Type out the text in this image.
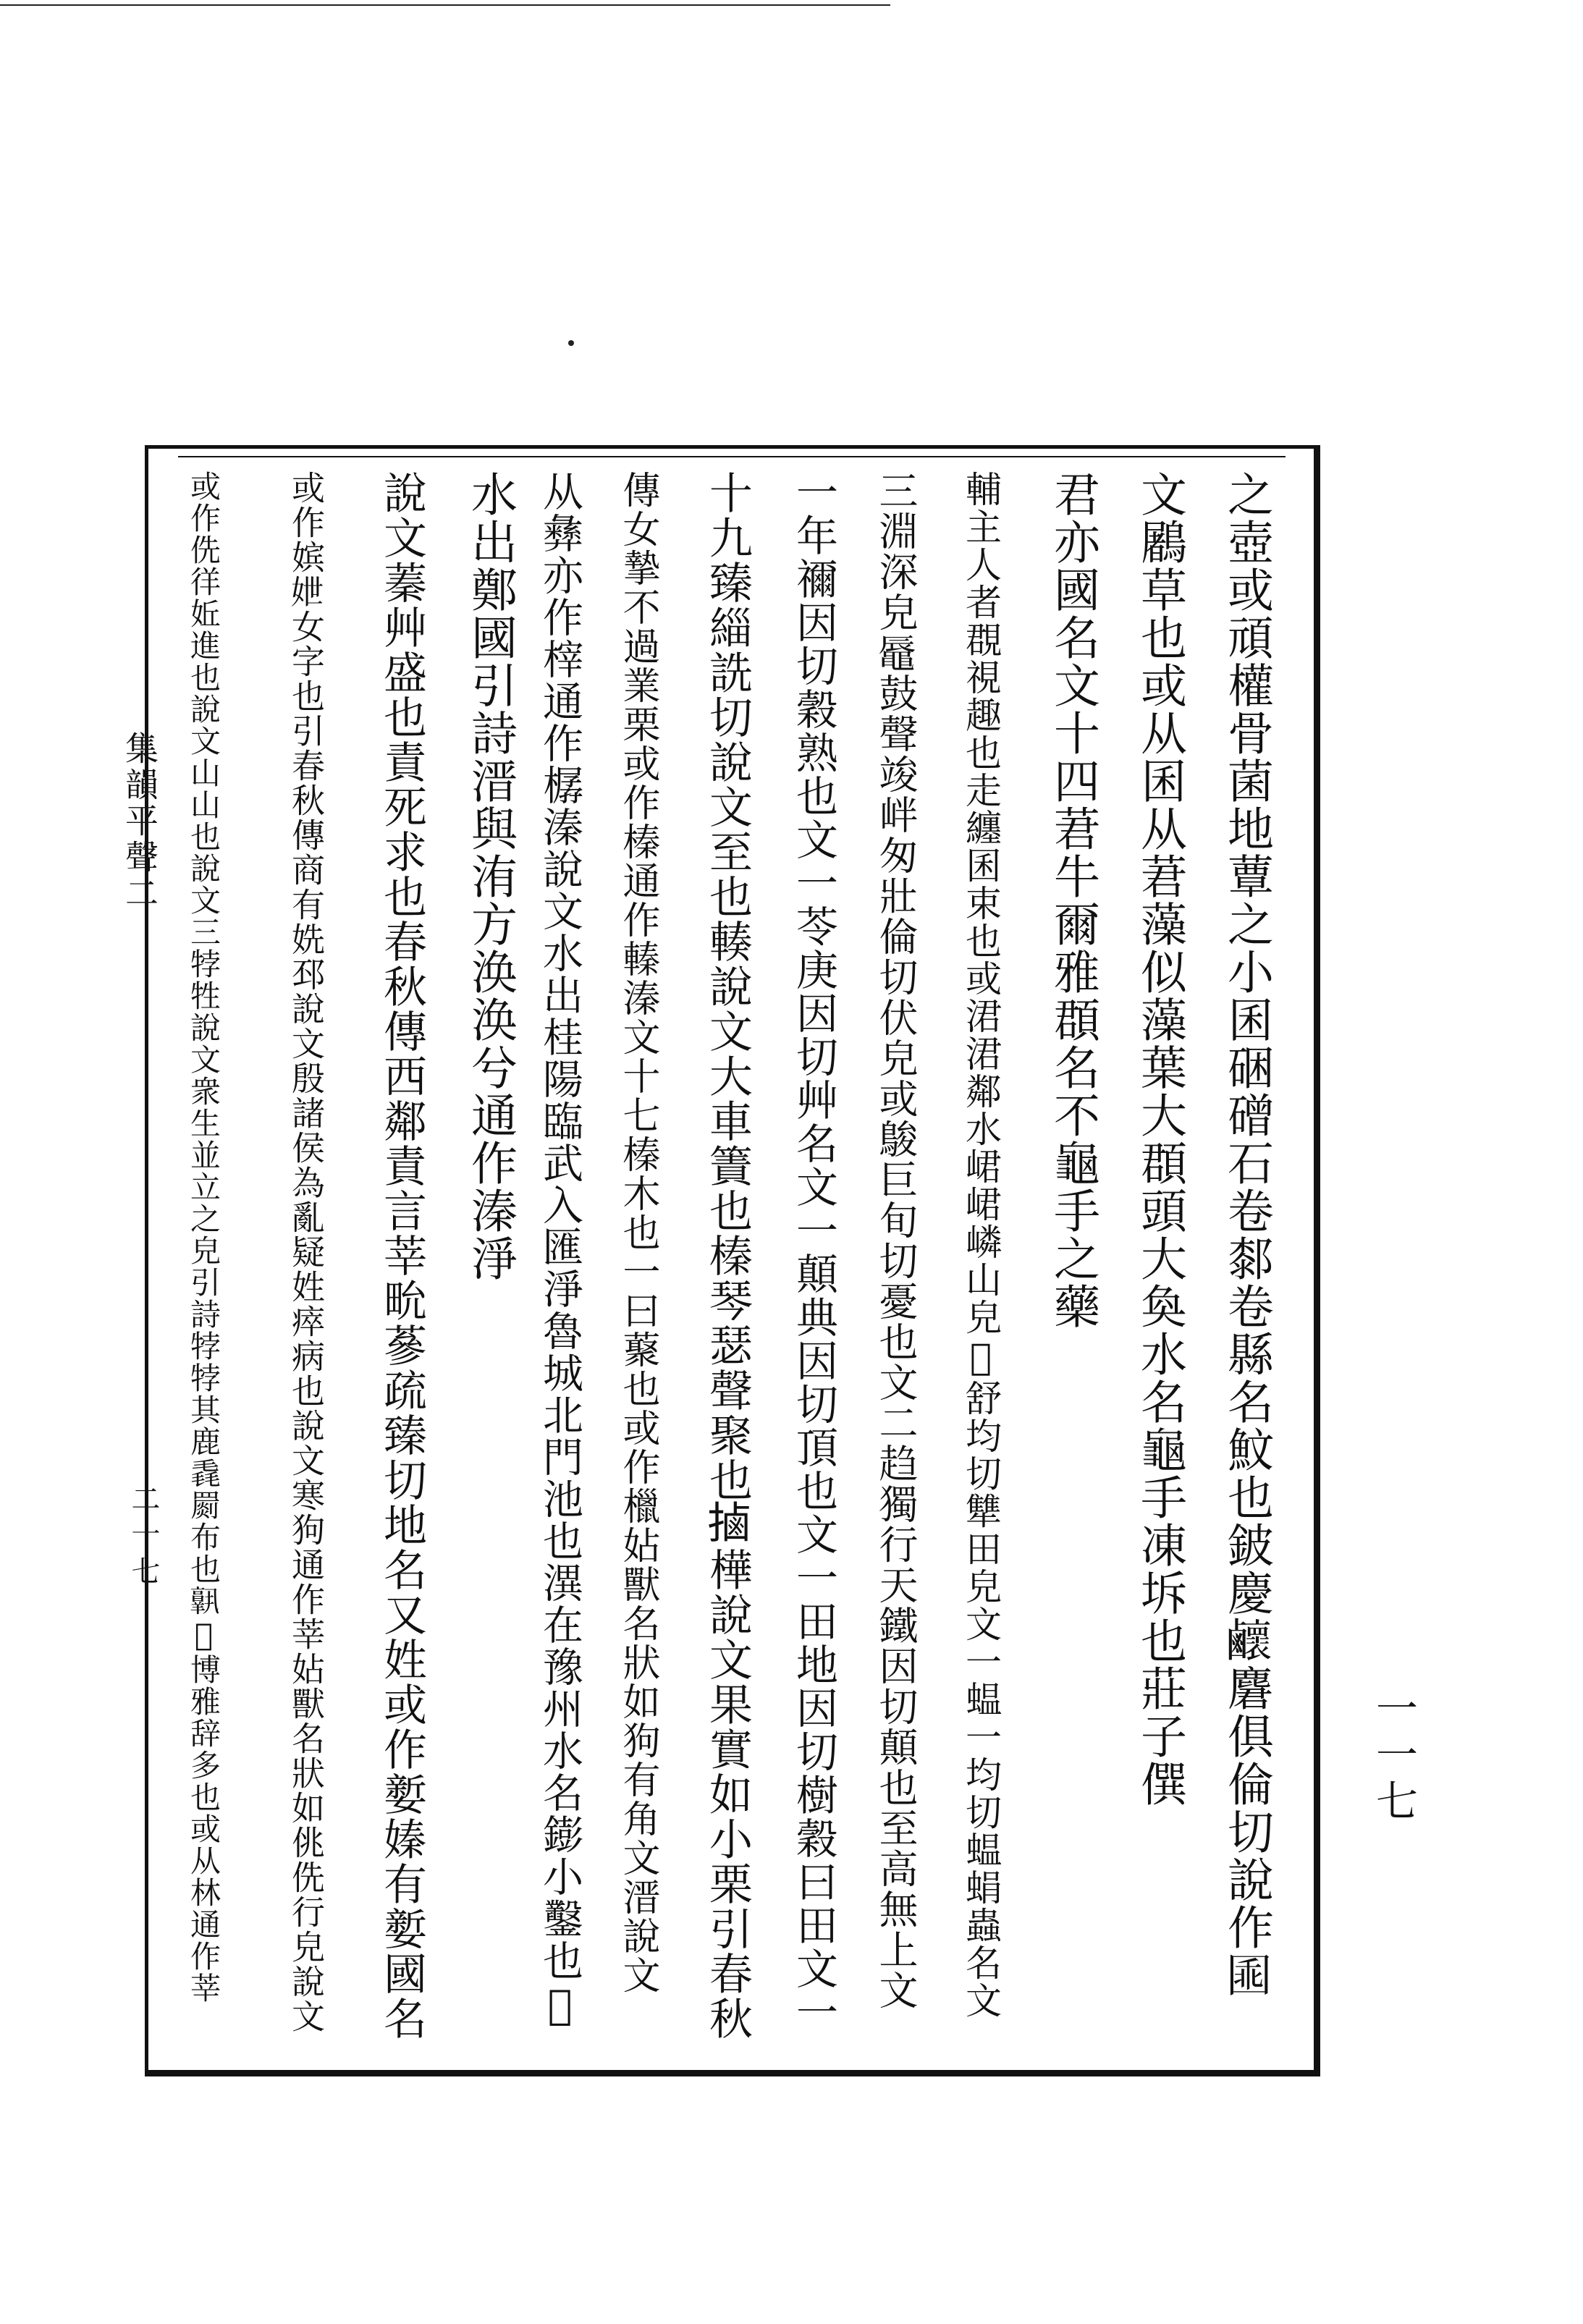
一一七
集韻平聲二
二十七	之壺或頑權骨菌地蕈之小囷硱磳石卷䣛卷縣名魰也鈹慶𪊉麏俱倫切說作𡇸
文鷵草也或从囷从莙藻似藻葉大頵頭大奐水名龜手凍坼也莊子僎
君亦國名文十四莙牛爾雅頵名不龜手之藥
輔主人者覠視趣也走纏囷束也或涒涒鄰水峮峮嶙山皃𪉆舒均切犨田皃文一蝹一均切蝹蜎蟲名文
三淵深皃𪓧鼓聲竣𡶡匆壯倫切伏皃或鵔巨旬切憂也文二趋獨行天鐵因切顛也至高無上文
一年禰因切穀熟也文一苓庚因切艸名文一顛典因切頂也文一田地因切樹穀曰田文一
十九臻緇詵切說文至也輳說文大車簀也榛琴瑟聲聚也𢲸樺說文果實如小栗引春秋
傳女摯不過業栗或作榛通作轃溱文十七榛木也一曰藂也或作㯿㚲獸名狀如狗有角文溍說文
从彝亦作榟通作樼溱說文水出桂陽臨武入匯淨魯城北門池也潩在豫州水名𨭌小鑿也𡚩
水出鄭國引詩溍與洧方涣涣兮通作溱淨
說文蓁艸盛也責死求也春秋傳西鄰責言莘㽙蔘疏臻切地名又姓或作㜪嫀有㜪國名
或作嫔𡛶女字也引春秋傳商有姺邳說文殷諸侯為亂疑姓瘁病也說文寒狗通作莘㚲獸名狀如佻侁行皃說文
或作侁徉㚱進也說文山山也說文三㹀牲說文衆生並立之皃引詩㹀㹀其鹿毳罽布也𦏧𩪏博雅辞多也或从林通作莘
